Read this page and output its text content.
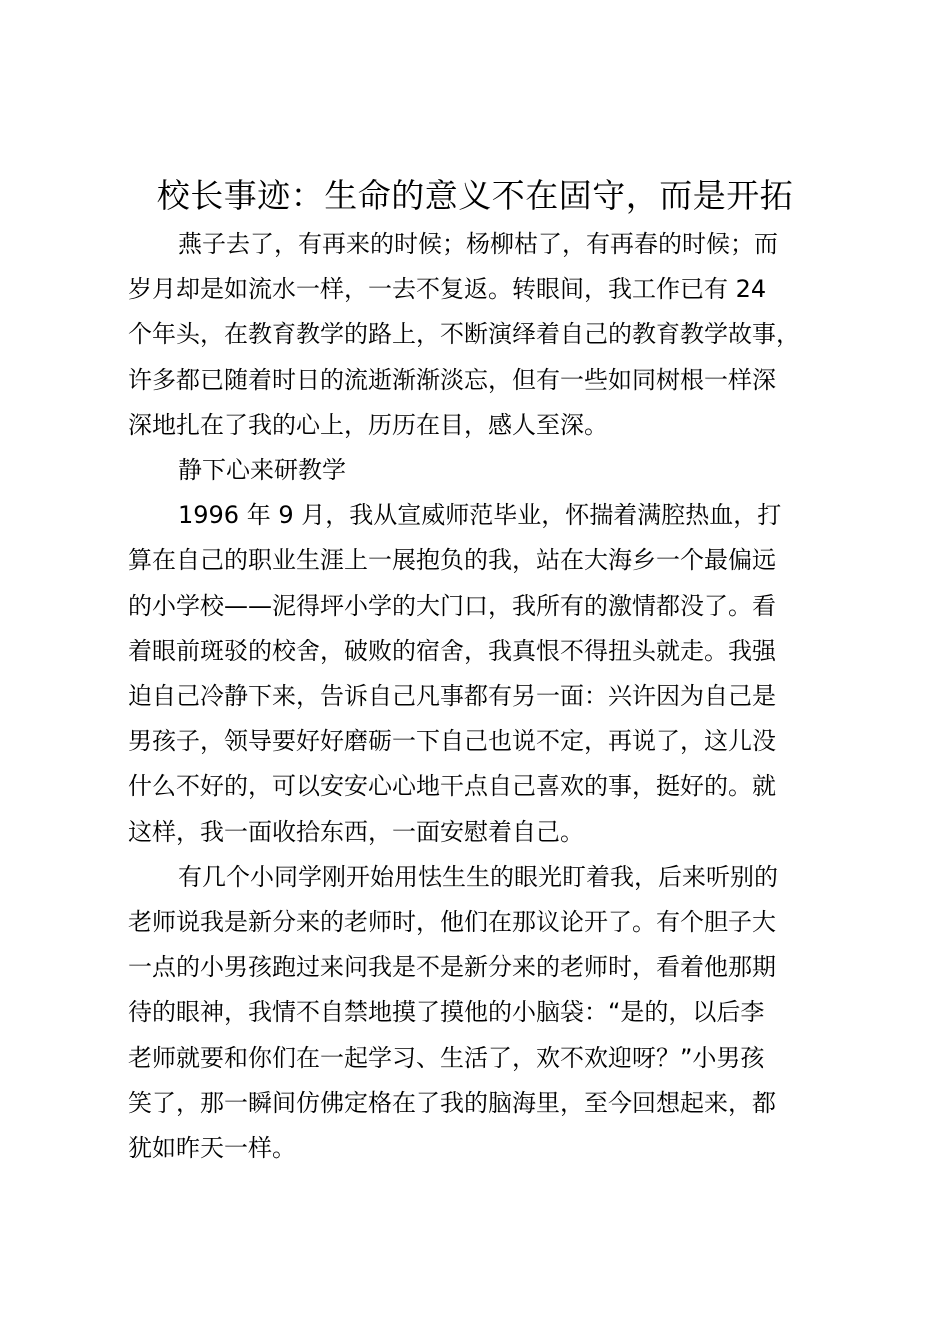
校长事迹：生命的意义不在固守，而是开拓
燕子去了，有再来的时候；杨柳枯了，有再春的时候；而
岁月却是如流水一样，一去不复返。转眼间，我工作已有 24
个年头，在教育教学的路上，不断演绎着自己的教育教学故事，
许多都已随着时日的流逝渐渐淡忘，但有一些如同树根一样深
深地扎在了我的心上，历历在目，感人至深。
静下心来研教学
1996 年 9 月，我从宣威师范毕业，怀揣着满腔热血，打
算在自己的职业生涯上一展抱负的我，站在大海乡一个最偏远
的小学校——泥得坪小学的大门口，我所有的激情都没了。看
着眼前斑驳的校舍，破败的宿舍，我真恨不得扭头就走。我强
迫自己冷静下来，告诉自己凡事都有另一面：兴许因为自己是
男孩子，领导要好好磨砺一下自己也说不定，再说了，这儿没
什么不好的，可以安安心心地干点自己喜欢的事，挺好的。就
这样，我一面收拾东西，一面安慰着自己。
有几个小同学刚开始用怯生生的眼光盯着我，后来听别的
老师说我是新分来的老师时，他们在那议论开了。有个胆子大
一点的小男孩跑过来问我是不是新分来的老师时，看着他那期
待的眼神，我情不自禁地摸了摸他的小脑袋：“是的，以后李
老师就要和你们在一起学习、生活了，欢不欢迎呀？”小男孩
笑了，那一瞬间仿佛定格在了我的脑海里，至今回想起来，都
犹如昨天一样。
